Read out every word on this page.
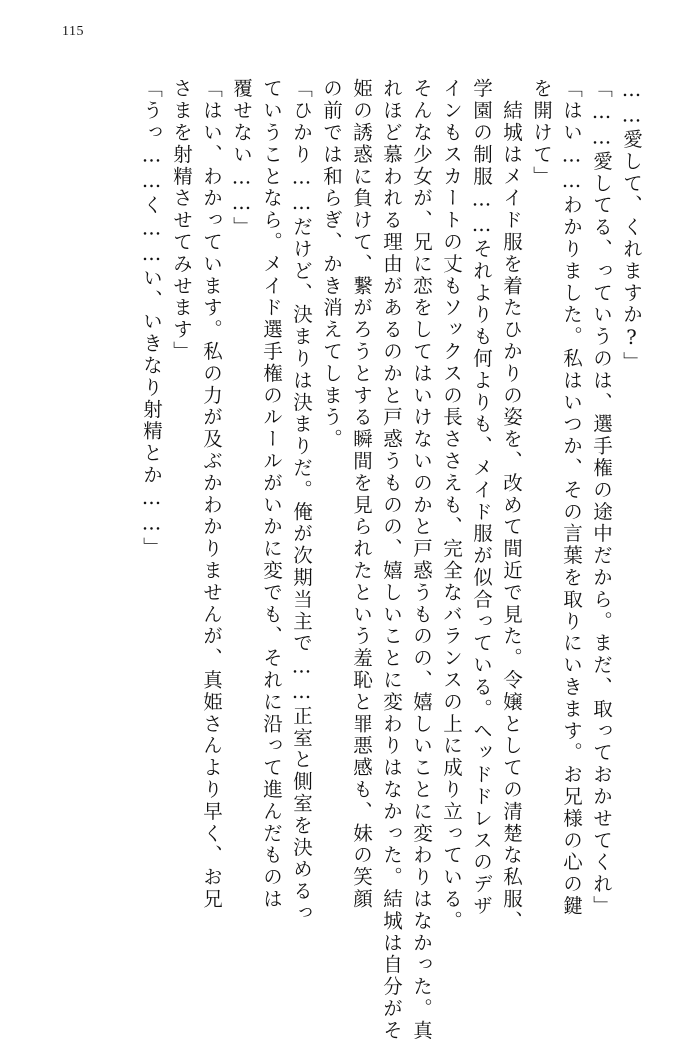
115
……愛して、くれますか?」
「……愛してる、っていうのは、選手権の途中だから。まだ、取っておかせてくれ」
「はい……わかりました。私はいつか、その言葉を取りにいきます。お兄様の心の鍵
を開けて」
　結城はメイド服を着たひかりの姿を、改めて間近で見た。令嬢としての清楚な私服、
学園の制服……それよりも何よりも、メイド服が似合っている。ヘッドドレスのデザ
インもスカートの丈もソックスの長ささえも、完全なバランスの上に成り立っている。
そんな少女が、兄に恋をしてはいけないのかと戸惑うものの、嬉しいことに変わりはなかった。真
れほど慕われる理由があるのかと戸惑うものの、嬉しいことに変わりはなかった。結城は自分がそ
姫の誘惑に負けて、繋がろうとする瞬間を見られたという羞恥と罪悪感も、妹の笑顔
の前では和らぎ、かき消えてしまう。
「ひかり……だけど、決まりは決まりだ。俺が次期当主で……正室と側室を決めるっ
ていうことなら。メイド選手権のルールがいかに変でも、それに沿って進んだものは
覆せない……」
「はい、わかっています。私の力が及ぶかわかりませんが、真姫さんより早く、お兄
さまを射精させてみせます」
「うっ……く……い、いきなり射精とか……」
